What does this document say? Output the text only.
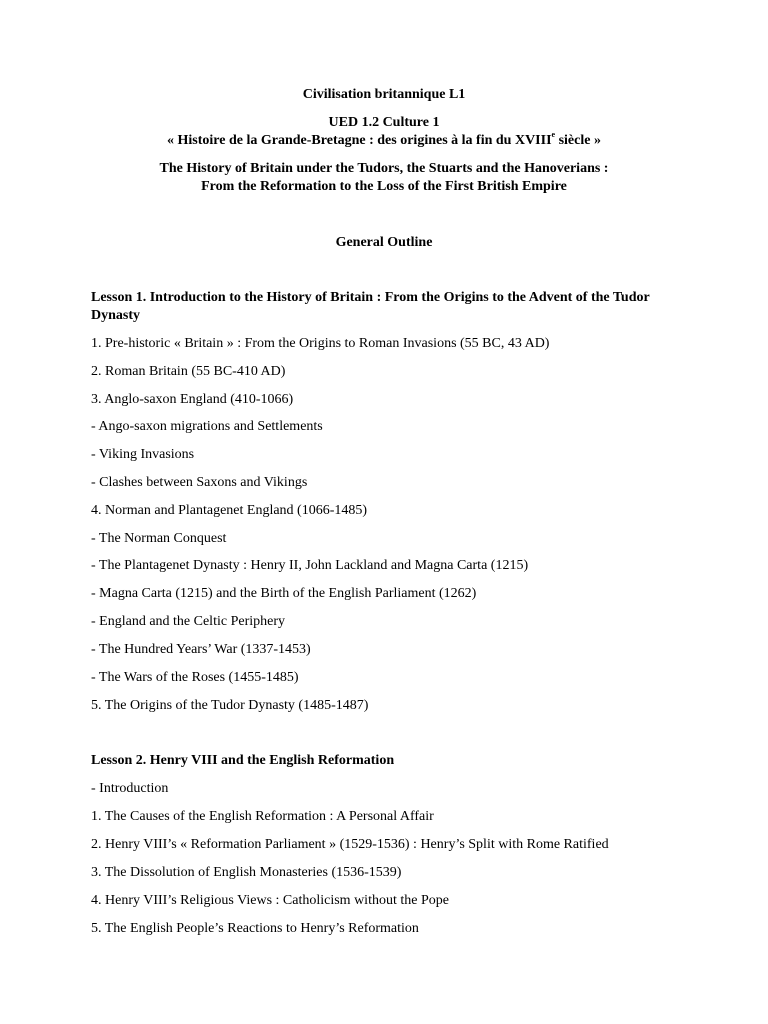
Civilisation britannique L1
UED 1.2 Culture 1
« Histoire de la Grande-Bretagne : des origines à la fin du XVIIIe siècle »
The History of Britain under the Tudors, the Stuarts and the Hanoverians :
From the Reformation to the Loss of the First British Empire
General Outline
Lesson 1. Introduction to the History of Britain : From the Origins to the Advent of the Tudor Dynasty
1. Pre-historic « Britain » : From the Origins to Roman Invasions (55 BC, 43 AD)
2. Roman Britain (55 BC-410 AD)
3. Anglo-saxon England (410-1066)
- Ango-saxon migrations and Settlements
- Viking Invasions
- Clashes between Saxons and Vikings
4. Norman and Plantagenet England (1066-1485)
- The Norman Conquest
- The Plantagenet Dynasty : Henry II, John Lackland and Magna Carta (1215)
- Magna Carta (1215) and the Birth of the English Parliament (1262)
- England and the Celtic Periphery
- The Hundred Years’ War (1337-1453)
- The Wars of the Roses (1455-1485)
5. The Origins of the Tudor Dynasty (1485-1487)
Lesson 2. Henry VIII and the English Reformation
- Introduction
1. The Causes of the English Reformation : A Personal Affair
2. Henry VIII’s « Reformation Parliament » (1529-1536) : Henry’s Split with Rome Ratified
3. The Dissolution of English Monasteries (1536-1539)
4. Henry VIII’s Religious Views : Catholicism without the Pope
5. The English People’s Reactions to Henry’s Reformation
